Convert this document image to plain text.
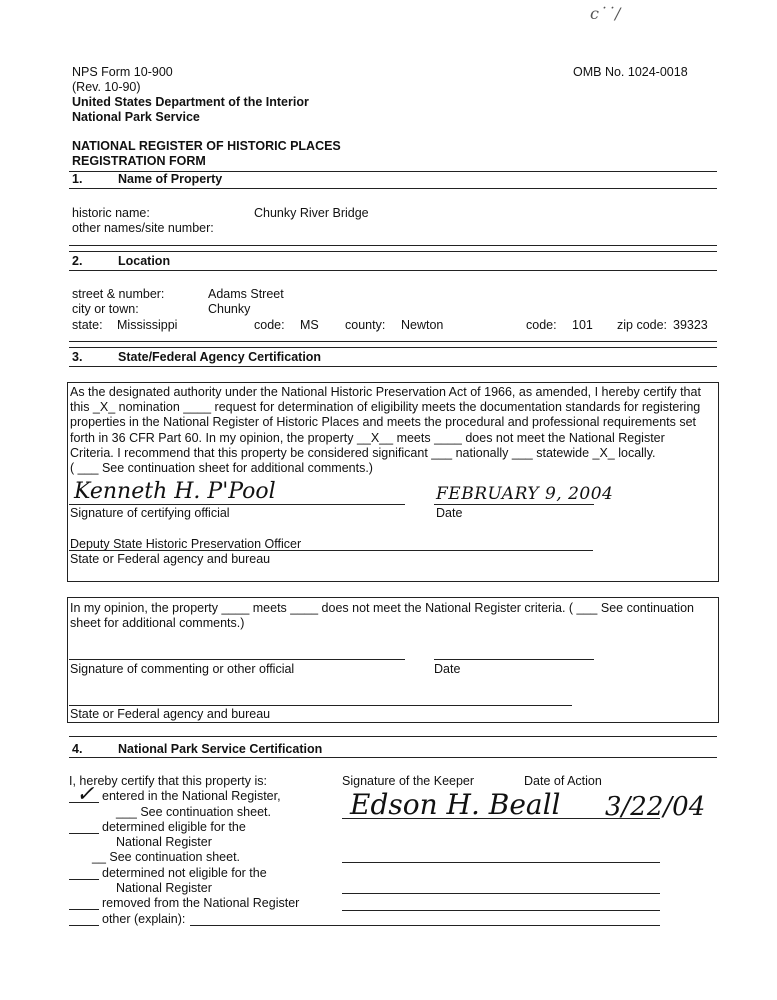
c˙˙/
NPS Form 10-900
(Rev. 10-90)
United States Department of the Interior
National Park Service
OMB No. 1024-0018
NATIONAL REGISTER OF HISTORIC PLACES
REGISTRATION FORM
1.	Name of Property
historic name:	Chunky River Bridge
other names/site number:
2.	Location
street & number:	Adams Street
city or town:	Chunky
state: Mississippi	code: MS county: Newton	code: 101 zip code: 39323
3.	State/Federal Agency Certification
As the designated authority under the National Historic Preservation Act of 1966, as amended, I hereby certify that
this _X_ nomination ____ request for determination of eligibility meets the documentation standards for registering
properties in the National Register of Historic Places and meets the procedural and professional requirements set
forth in 36 CFR Part 60. In my opinion, the property __X__ meets ____ does not meet the National Register
Criteria. I recommend that this property be considered significant ___ nationally ___ statewide _X_ locally.
( ___ See continuation sheet for additional comments.)
Kenneth H. P'Pool	FEBRUARY 9, 2004
Signature of certifying official	Date
Deputy State Historic Preservation Officer
State or Federal agency and bureau
In my opinion, the property ____ meets ____ does not meet the National Register criteria. ( ___ See continuation
sheet for additional comments.)
Signature of commenting or other official	Date
State or Federal agency and bureau
4.	National Park Service Certification
I, hereby certify that this property is:
✓ entered in the National Register,
___ See continuation sheet.
determined eligible for the
National Register
__ See continuation sheet.
determined not eligible for the
National Register
removed from the National Register
other (explain):
Signature of the Keeper	Date of Action
Edson H. Beall 3/22/04
